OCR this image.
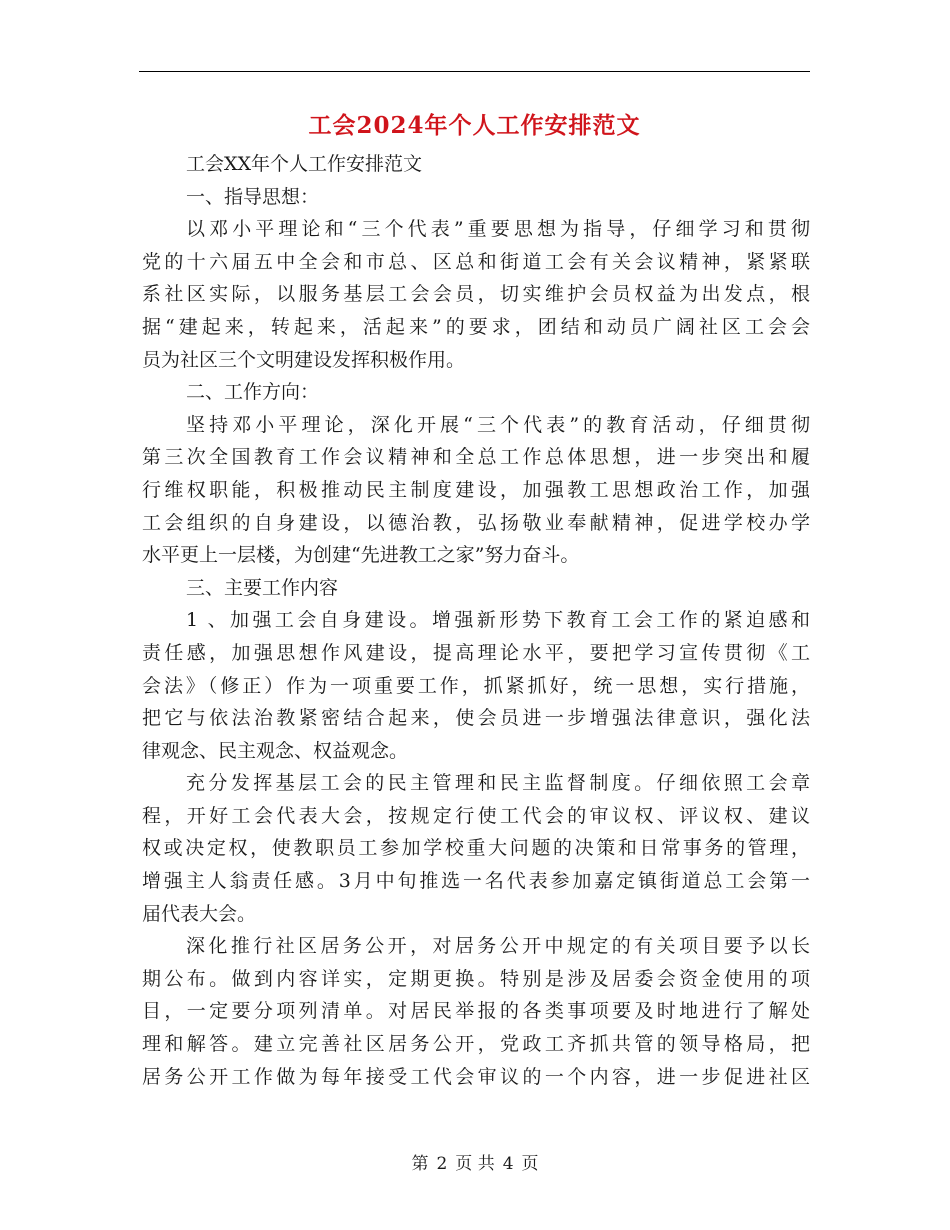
工会2024年个人工作安排范文
工会XX年个人工作安排范文
一、指导思想：
以邓小平理论和“三个代表”重要思想为指导，仔细学习和贯彻
党的十六届五中全会和市总、区总和街道工会有关会议精神，紧紧联
系社区实际，以服务基层工会会员，切实维护会员权益为出发点，根
据“建起来，转起来，活起来”的要求，团结和动员广阔社区工会会
员为社区三个文明建设发挥积极作用。
二、工作方向：
坚持邓小平理论，深化开展“三个代表”的教育活动，仔细贯彻
第三次全国教育工作会议精神和全总工作总体思想，进一步突出和履
行维权职能，积极推动民主制度建设，加强教工思想政治工作，加强
工会组织的自身建设，以德治教，弘扬敬业奉献精神，促进学校办学
水平更上一层楼，为创建“先进教工之家”努力奋斗。
三、主要工作内容
1 、加强工会自身建设。增强新形势下教育工会工作的紧迫感和
责任感，加强思想作风建设，提高理论水平，要把学习宣传贯彻《工
会法》（修正）作为一项重要工作，抓紧抓好，统一思想，实行措施，
把它与依法治教紧密结合起来，使会员进一步增强法律意识，强化法
律观念、民主观念、权益观念。
充分发挥基层工会的民主管理和民主监督制度。仔细依照工会章
程，开好工会代表大会，按规定行使工代会的审议权、评议权、建议
权或决定权，使教职员工参加学校重大问题的决策和日常事务的管理，
增强主人翁责任感。3月中旬推选一名代表参加嘉定镇街道总工会第一
届代表大会。
深化推行社区居务公开，对居务公开中规定的有关项目要予以长
期公布。做到内容详实，定期更换。特别是涉及居委会资金使用的项
目，一定要分项列清单。对居民举报的各类事项要及时地进行了解处
理和解答。建立完善社区居务公开，党政工齐抓共管的领导格局，把
居务公开工作做为每年接受工代会审议的一个内容，进一步促进社区
第 2 页 共 4 页
